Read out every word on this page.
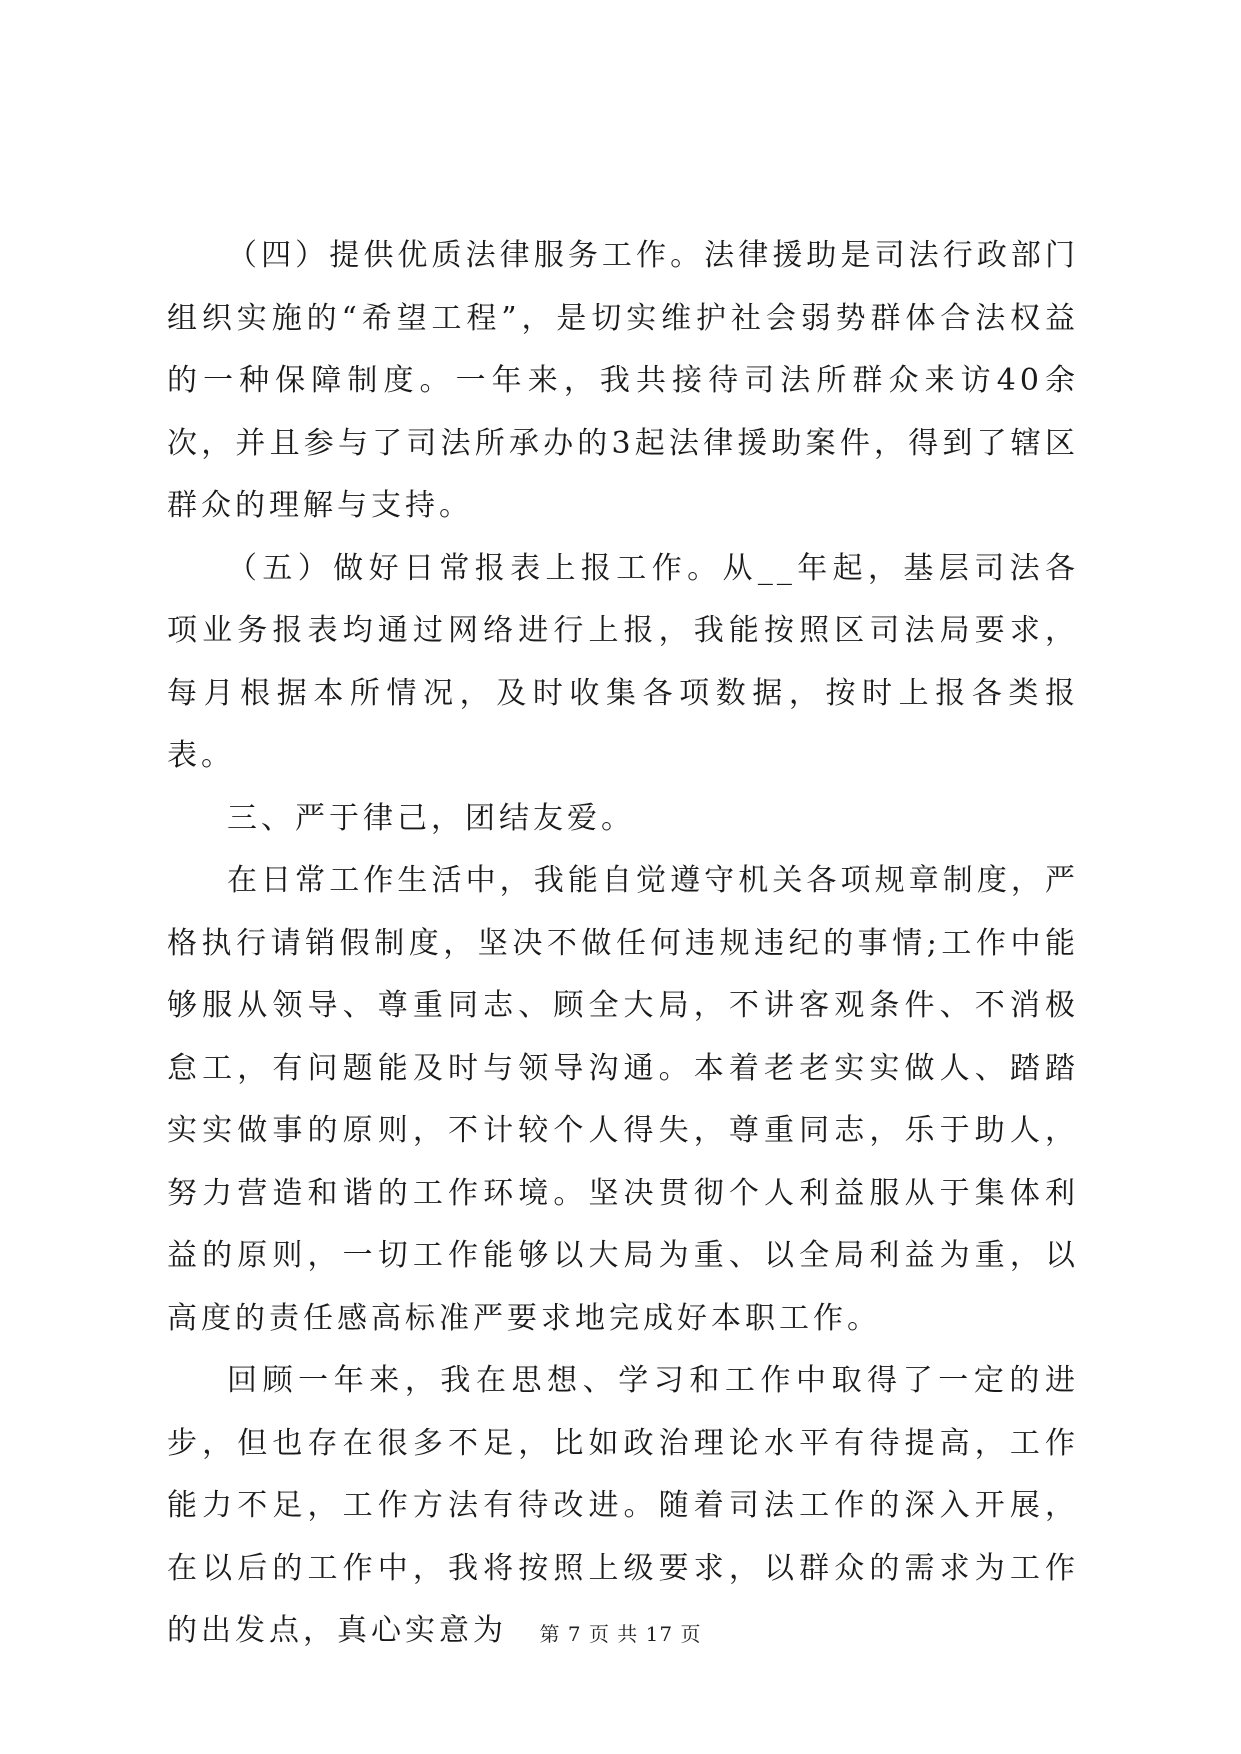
（四）提供优质法律服务工作。法律援助是司法行政部门组织实施的“希望工程”，是切实维护社会弱势群体合法权益的一种保障制度。一年来，我共接待司法所群众来访40余次，并且参与了司法所承办的3起法律援助案件，得到了辖区群众的理解与支持。

（五）做好日常报表上报工作。从__年起，基层司法各项业务报表均通过网络进行上报，我能按照区司法局要求，每月根据本所情况，及时收集各项数据，按时上报各类报表。

三、严于律己，团结友爱。

在日常工作生活中，我能自觉遵守机关各项规章制度，严格执行请销假制度，坚决不做任何违规违纪的事情;工作中能够服从领导、尊重同志、顾全大局，不讲客观条件、不消极怠工，有问题能及时与领导沟通。本着老老实实做人、踏踏实实做事的原则，不计较个人得失，尊重同志，乐于助人，努力营造和谐的工作环境。坚决贯彻个人利益服从于集体利益的原则，一切工作能够以大局为重、以全局利益为重，以高度的责任感高标准严要求地完成好本职工作。

回顾一年来，我在思想、学习和工作中取得了一定的进步，但也存在很多不足，比如政治理论水平有待提高，工作能力不足，工作方法有待改进。随着司法工作的深入开展，在以后的工作中，我将按照上级要求，以群众的需求为工作的出发点，真心实意为	第 7 页 共 17 页
